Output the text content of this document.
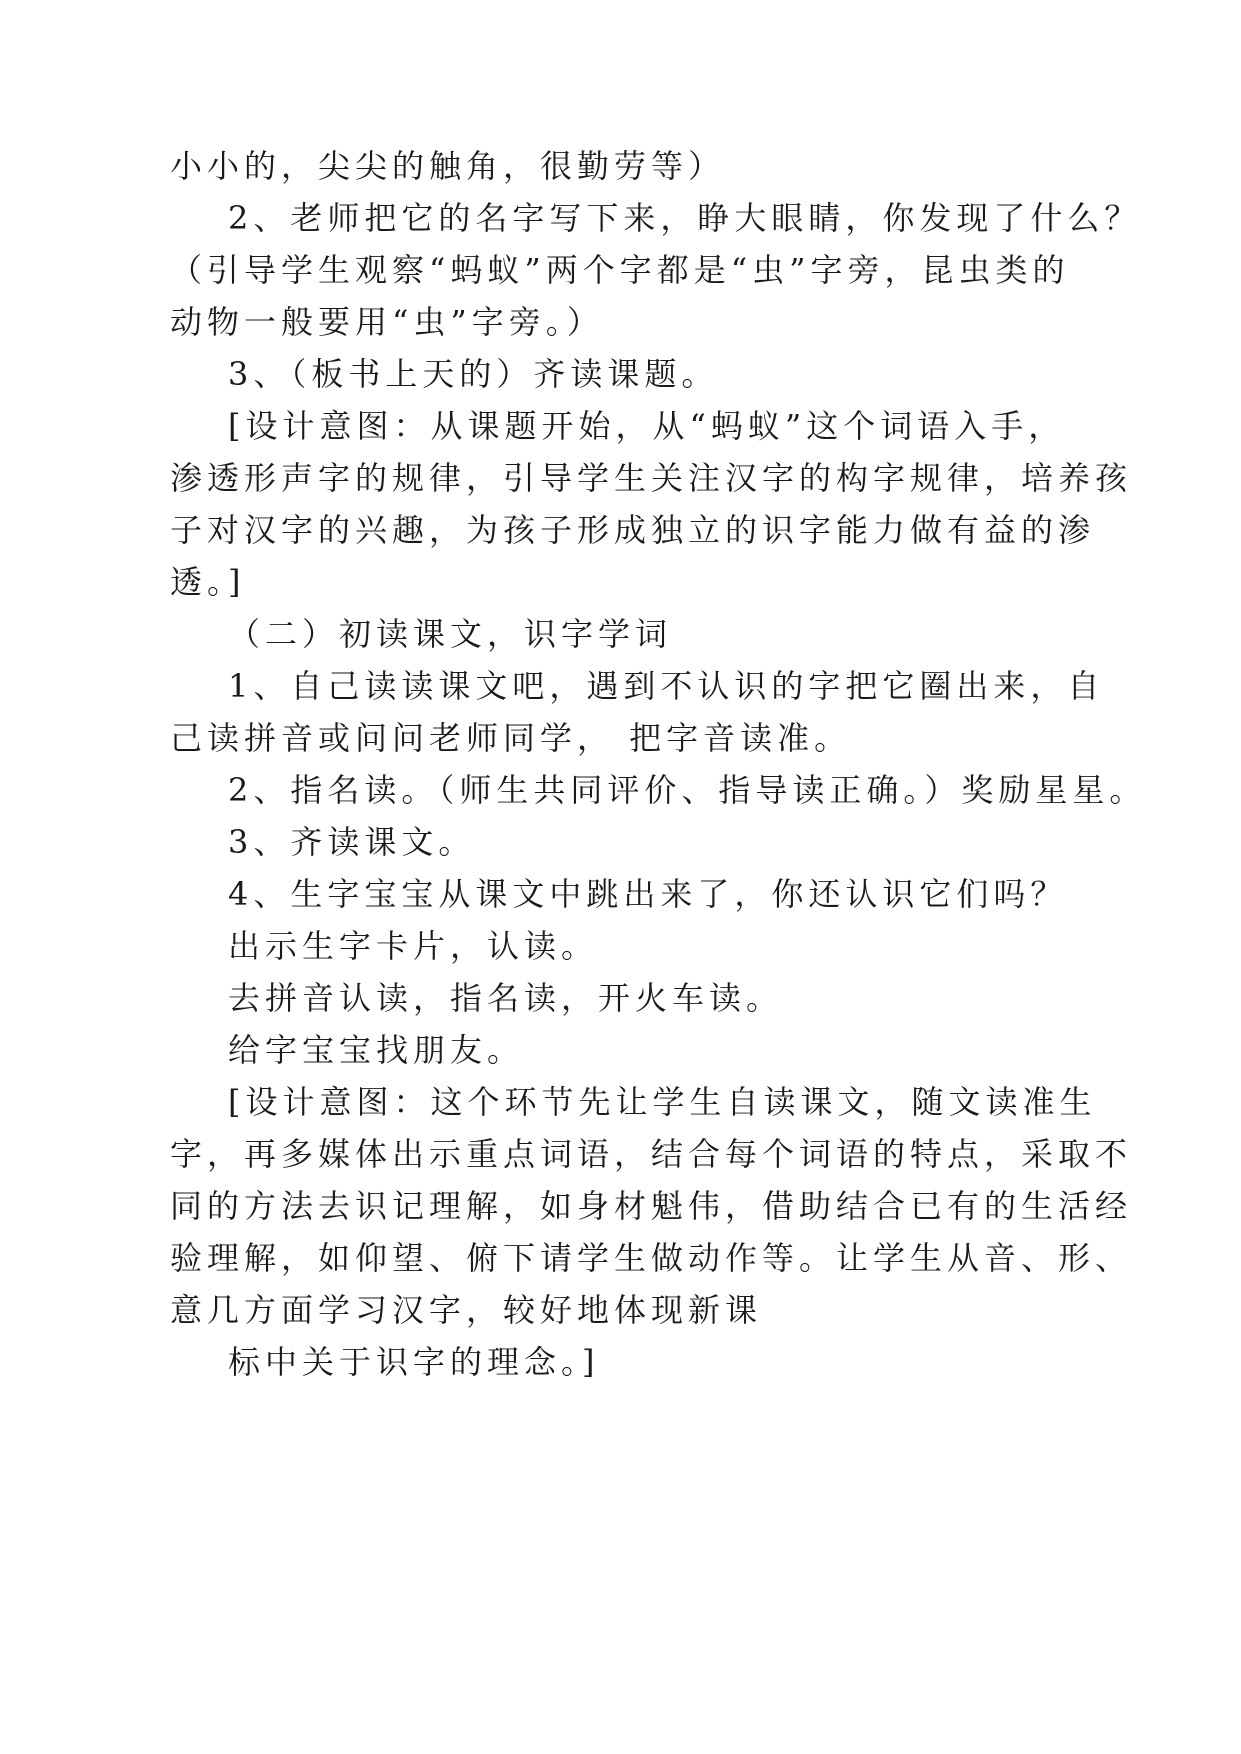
小小的，尖尖的触角，很勤劳等）
2、老师把它的名字写下来，睁大眼睛，你发现了什么？
（引导学生观察“蚂蚁”两个字都是“虫”字旁，昆虫类的
动物一般要用“虫”字旁。）
3、（板书上天的）齐读课题。
[设计意图：从课题开始，从“蚂蚁”这个词语入手，
渗透形声字的规律，引导学生关注汉字的构字规律，培养孩
子对汉字的兴趣，为孩子形成独立的识字能力做有益的渗
透。]
（二）初读课文，识字学词
1、自己读读课文吧，遇到不认识的字把它圈出来，自
己读拼音或问问老师同学， 把字音读准。
2、指名读。（师生共同评价、指导读正确。）奖励星星。
3、齐读课文。
4、生字宝宝从课文中跳出来了，你还认识它们吗？
出示生字卡片，认读。
去拼音认读，指名读，开火车读。
给字宝宝找朋友。
[设计意图：这个环节先让学生自读课文，随文读准生
字，再多媒体出示重点词语，结合每个词语的特点，采取不
同的方法去识记理解，如身材魁伟，借助结合已有的生活经
验理解，如仰望、俯下请学生做动作等。让学生从音、形、
意几方面学习汉字，较好地体现新课
标中关于识字的理念。]
